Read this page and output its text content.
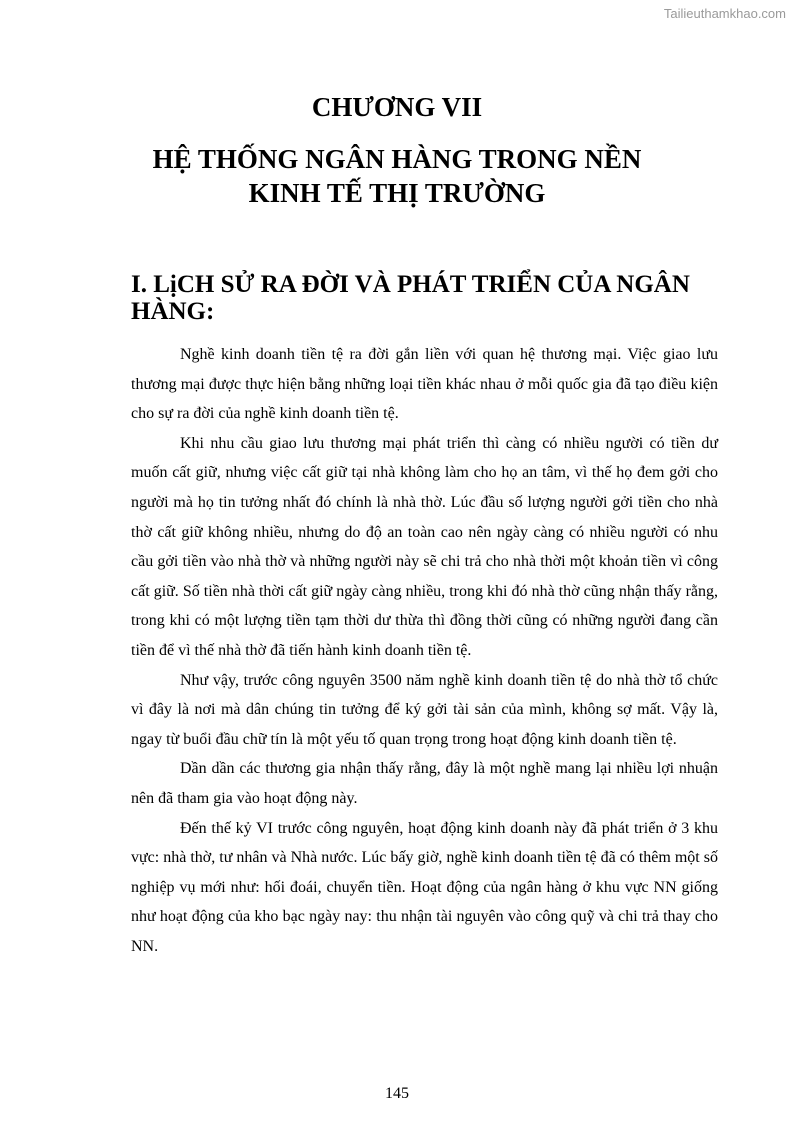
Tailieuthamkhao.com
CHƯƠNG VII
HỆ THỐNG NGÂN HÀNG TRONG NỀN
KINH TẾ THỊ TRƯỜNG
I. LịCH SỬ RA ĐỜI VÀ PHÁT TRIỂN CỦA NGÂN HÀNG:

Nghề kinh doanh tiền tệ ra đời gắn liền với quan hệ thương mại. Việc giao lưu thương mại được thực hiện bằng những loại tiền khác nhau ở mỗi quốc gia đã tạo điều kiện cho sự ra đời của nghề kinh doanh tiền tệ.

Khi nhu cầu giao lưu thương mại phát triển thì càng có nhiều người có tiền dư muốn cất giữ, nhưng việc cất giữ tại nhà không làm cho họ an tâm, vì thế họ đem gởi cho người mà họ tin tưởng nhất đó chính là nhà thờ. Lúc đầu số lượng người gởi tiền cho nhà thờ cất giữ không nhiều, nhưng do độ an toàn cao nên ngày càng có nhiều người có nhu cầu gởi tiền vào nhà thờ và những người này sẽ chi trả cho nhà thời một khoản tiền vì công cất giữ. Số tiền nhà thời cất giữ ngày càng nhiều, trong khi đó nhà thờ cũng nhận thấy rằng, trong khi có một lượng tiền tạm thời dư thừa thì đồng thời cũng có những người đang cần tiền để vì thế nhà thờ đã tiến hành kinh doanh tiền tệ.

Như vậy, trước công nguyên 3500 năm nghề kinh doanh tiền tệ do nhà thờ tổ chức vì đây là nơi mà dân chúng tin tưởng để ký gởi tài sản của mình, không sợ mất. Vậy là, ngay từ buổi đầu chữ tín là một yếu tố quan trọng trong hoạt động kinh doanh tiền tệ.

Dần dần các thương gia nhận thấy rằng, đây là một nghề mang lại nhiều lợi nhuận nên đã tham gia vào hoạt động này.

Đến thế kỷ VI trước công nguyên, hoạt động kinh doanh này đã phát triển ở 3 khu vực: nhà thờ, tư nhân và Nhà nước. Lúc bấy giờ, nghề kinh doanh tiền tệ đã có thêm một số nghiệp vụ mới như: hối đoái, chuyển tiền. Hoạt động của ngân hàng ở khu vực NN giống như hoạt động của kho bạc ngày nay: thu nhận tài nguyên vào công quỹ và chi trả thay cho NN.

145
